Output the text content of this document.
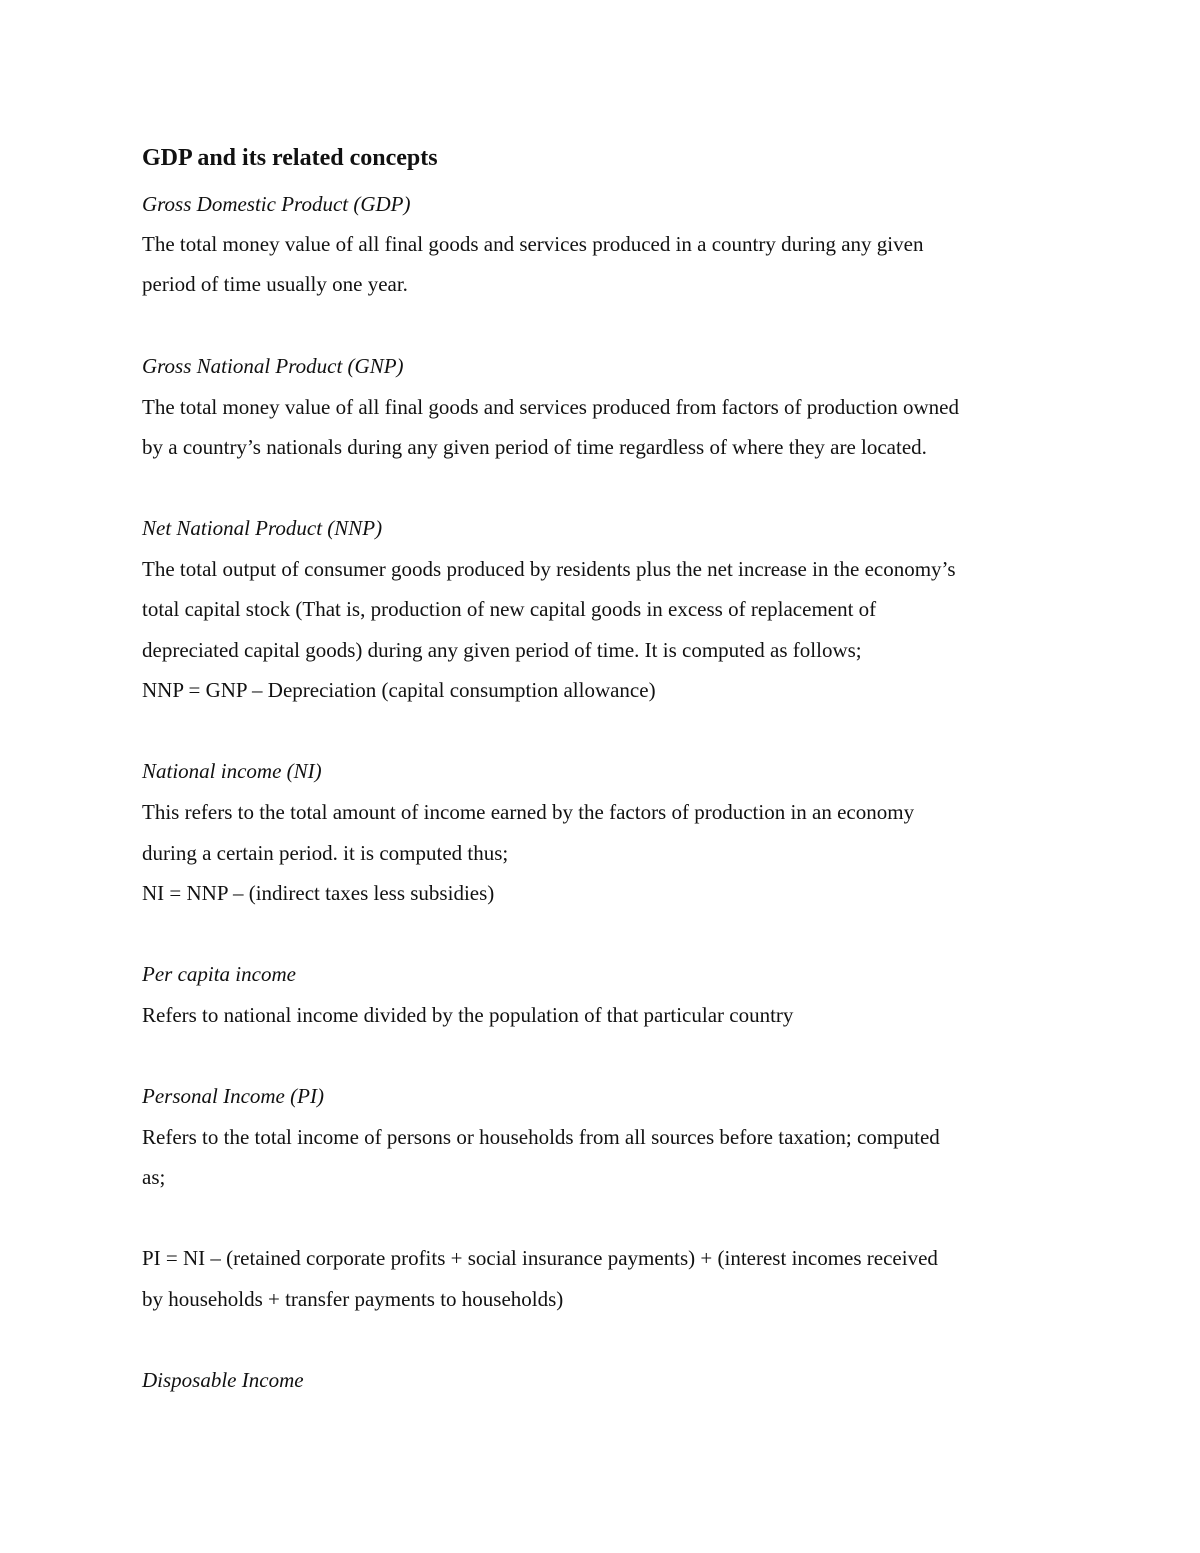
GDP and its related concepts
Gross Domestic Product (GDP)
The total money value of all final goods and services produced in a country during any given
period of time usually one year.
Gross National Product (GNP)
The total money value of all final goods and services produced from factors of production owned
by a country’s nationals during any given period of time regardless of where they are located.
Net National Product (NNP)
The total output of consumer goods produced by residents plus the net increase in the economy’s
total capital stock (That is, production of new capital goods in excess of replacement of
depreciated capital goods) during any given period of time. It is computed as follows;
NNP = GNP – Depreciation (capital consumption allowance)
National income (NI)
This refers to the total amount of income earned by the factors of production in an economy
during a certain period. it is computed thus;
NI = NNP – (indirect taxes less subsidies)
Per capita income
Refers to national income divided by the population of that particular country
Personal Income (PI)
Refers to the total income of persons or households from all sources before taxation; computed
as;
PI = NI – (retained corporate profits + social insurance payments) + (interest incomes received
by households + transfer payments to households)
Disposable Income
